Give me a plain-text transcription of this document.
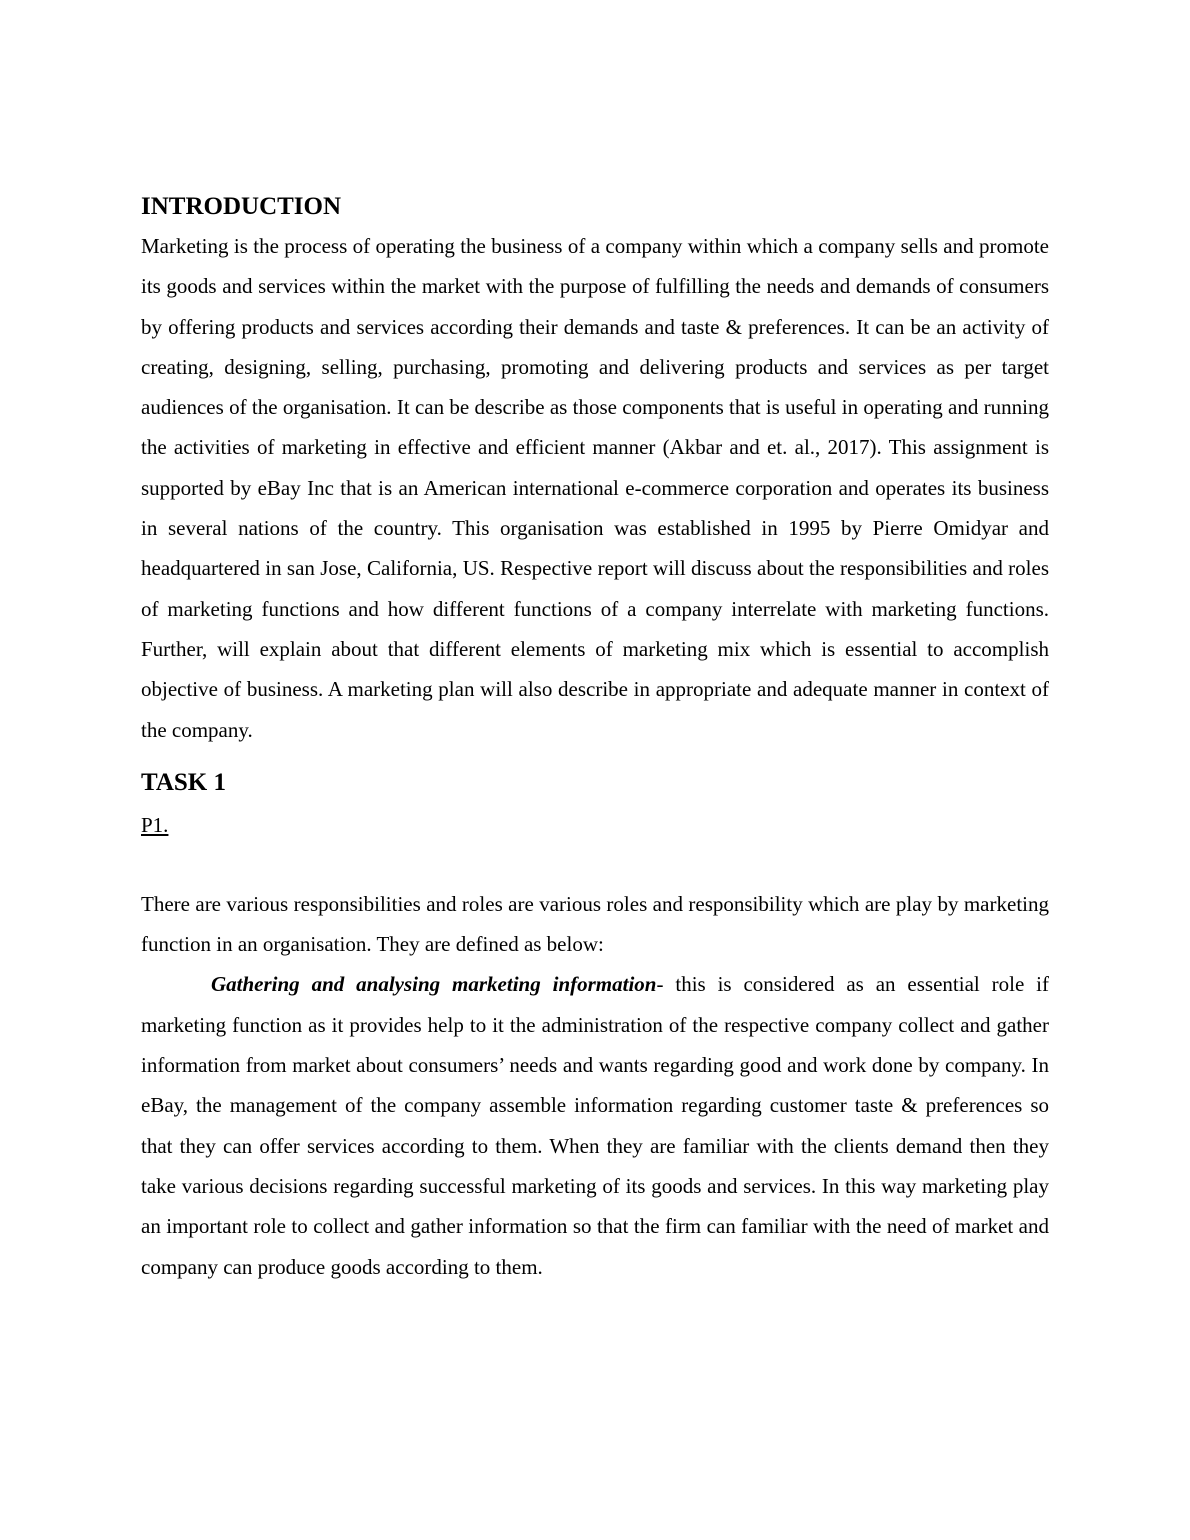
INTRODUCTION

Marketing is the process of operating the business of a company within which a company sells and promote its goods and services within the market with the purpose of fulfilling the needs and demands of consumers by offering products and services according their demands and taste & preferences. It can be an activity of creating, designing, selling, purchasing, promoting and delivering products and services as per target audiences of the organisation. It can be describe as those components that is useful in operating and running the activities of marketing in effective and efficient manner (Akbar and et. al., 2017). This assignment is supported by eBay Inc that is an American international e-commerce corporation and operates its business in several nations of the country. This organisation was established in 1995 by Pierre Omidyar and headquartered in san Jose, California, US. Respective report will discuss about the responsibilities and roles of marketing functions and how different functions of a company interrelate with marketing functions. Further, will explain about that different elements of marketing mix which is essential to accomplish objective of business. A marketing plan will also describe in appropriate and adequate manner in context of the company.

TASK 1
P1.

There are various responsibilities and roles are various roles and responsibility which are play by marketing function in an organisation. They are defined as below:

Gathering and analysing marketing information- this is considered as an essential role if marketing function as it provides help to it the administration of the respective company collect and gather information from market about consumers’ needs and wants regarding good and work done by company. In eBay, the management of the company assemble information regarding customer taste & preferences so that they can offer services according to them. When they are familiar with the clients demand then they take various decisions regarding successful marketing of its goods and services. In this way marketing play an important role to collect and gather information so that the firm can familiar with the need of market and company can produce goods according to them.
